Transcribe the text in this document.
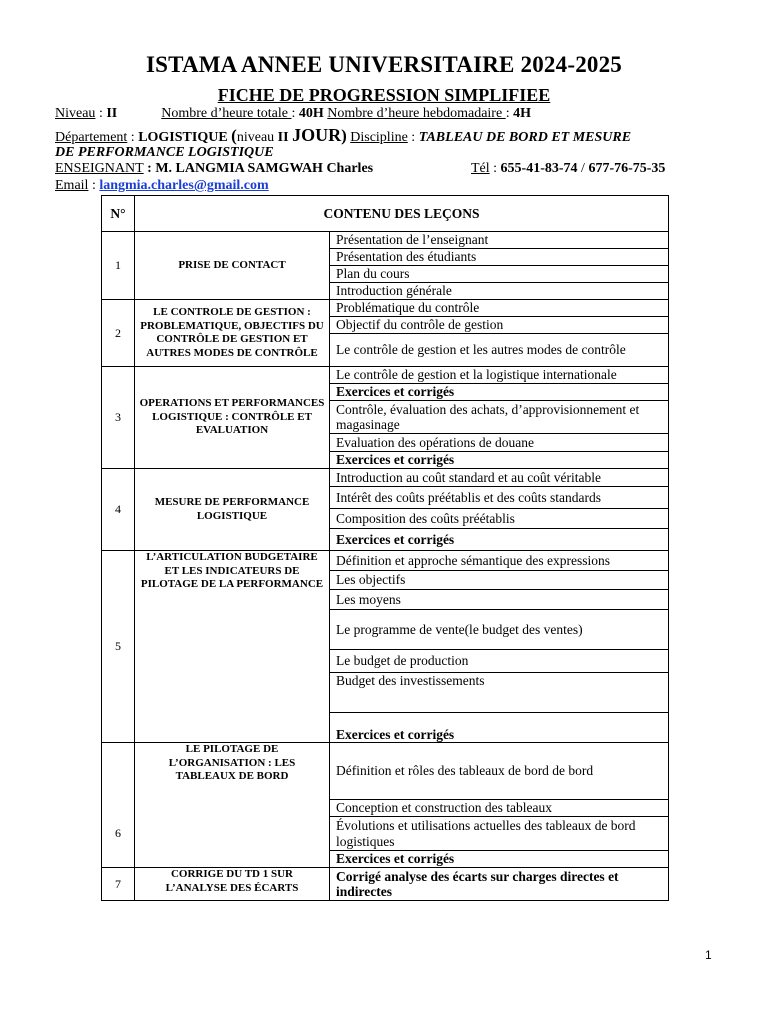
ISTAMA ANNEE UNIVERSITAIRE 2024-2025
FICHE DE PROGRESSION SIMPLIFIEE
Niveau : II	Nombre d’heure totale : 40H Nombre d’heure hebdomadaire : 4H
Département : LOGISTIQUE (niveau II JOUR) Discipline : TABLEAU DE BORD ET MESURE
DE PERFORMANCE LOGISTIQUE
ENSEIGNANT : M. LANGMIA SAMGWAH Charles	Tél : 655-41-83-74 / 677-76-75-35
Email : langmia.charles@gmail.com
N°	CONTENU DES LEÇONS	
1	PRISE DE CONTACT	Présentation de l’enseignant
		Présentation des étudiants
		Plan du cours
		Introduction générale
2	LE CONTROLE DE GESTION : PROBLEMATIQUE, OBJECTIFS DU CONTRÔLE DE GESTION ET AUTRES MODES DE CONTRÔLE	Problématique du contrôle
		Objectif du contrôle de gestion
		Le contrôle de gestion et les autres modes de contrôle
3	OPERATIONS ET PERFORMANCES LOGISTIQUE : CONTRÔLE ET EVALUATION	Le contrôle de gestion et la logistique internationale
		Exercices et corrigés
		Contrôle, évaluation des achats, d’approvisionnement et magasinage
		Evaluation des opérations de douane
		Exercices et corrigés
4	MESURE DE PERFORMANCE LOGISTIQUE	Introduction au coût standard et au coût véritable
		Intérêt des coûts préétablis et des coûts standards
		Composition des coûts préétablis
		Exercices et corrigés
5	L’ARTICULATION BUDGETAIRE ET LES INDICATEURS DE PILOTAGE DE LA PERFORMANCE	Définition et approche sémantique des expressions
		Les objectifs
		Les moyens
		Le programme de vente(le budget des ventes)
		Le budget de production
		Budget des investissements
		Exercices et corrigés
6	LE PILOTAGE DE L’ORGANISATION : LES TABLEAUX DE BORD	Définition et rôles des tableaux de bord de bord
		Conception et construction des tableaux
		Évolutions et utilisations actuelles des tableaux de bord logistiques
		Exercices et corrigés
7	CORRIGE DU TD 1 SUR L’ANALYSE DES ÉCARTS	Corrigé analyse des écarts sur charges directes et indirectes
1
